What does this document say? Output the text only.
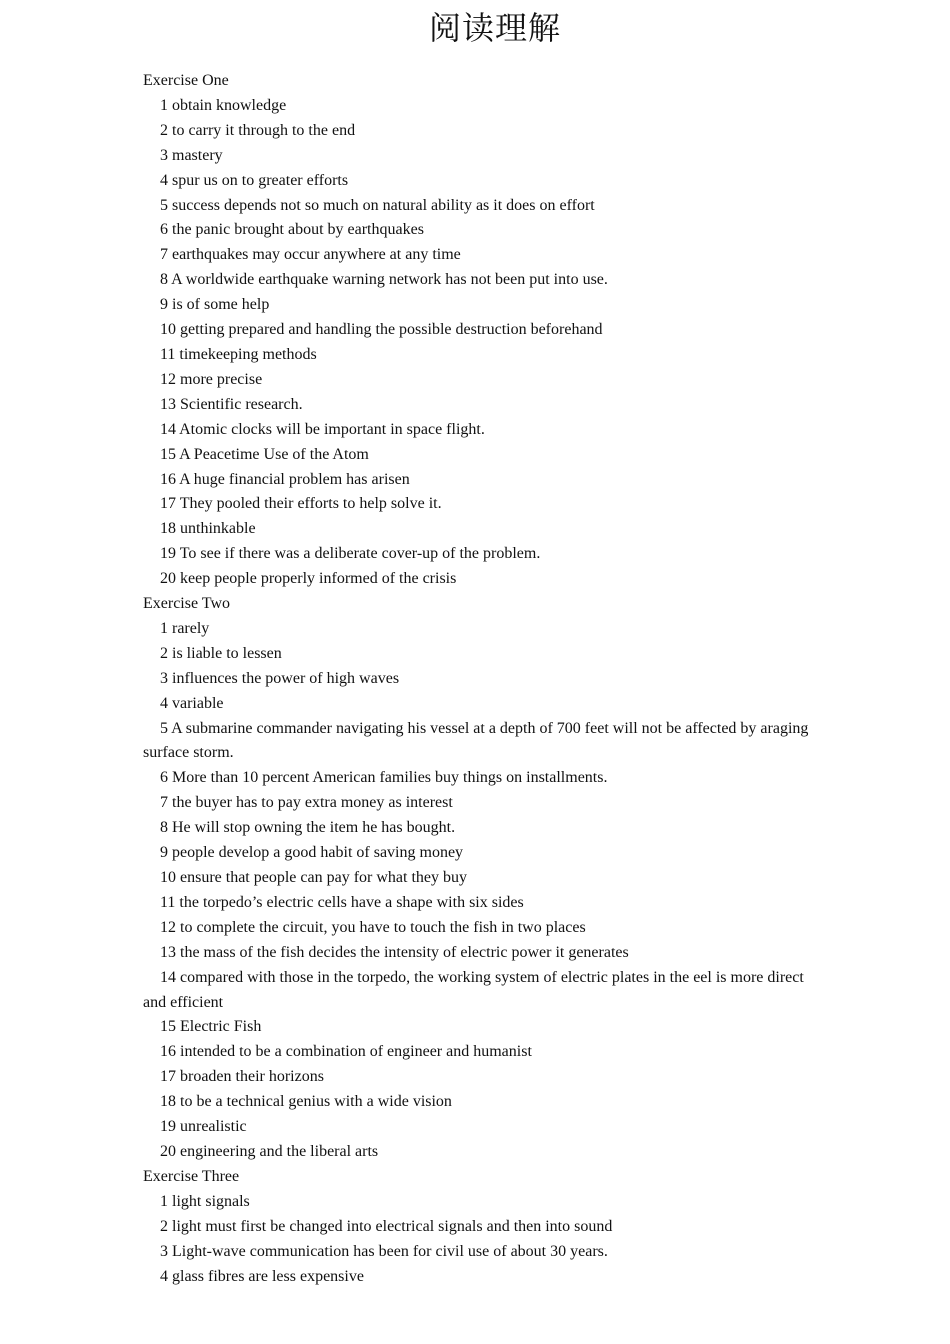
阅读理解

Exercise One

1 obtain knowledge

2 to carry it through to the end

3 mastery

4 spur us on to greater efforts

5 success depends not so much on natural ability as it does on effort

6 the panic brought about by earthquakes

7 earthquakes may occur anywhere at any time

8 A worldwide earthquake warning network has not been put into use.

9 is of some help

10 getting prepared and handling the possible destruction beforehand

11 timekeeping methods

12 more precise

13 Scientific research.

14 Atomic clocks will be important in space flight.

15 A Peacetime Use of the Atom

16 A huge financial problem has arisen

17 They pooled their efforts to help solve it.

18 unthinkable

19 To see if there was a deliberate cover-up of the problem.

20 keep people properly informed of the crisis

Exercise Two

1 rarely

2 is liable to lessen

3 influences the power of high waves

4 variable

5 A submarine commander navigating his vessel at a depth of 700 feet will not be affected by araging surface storm.

6 More than 10 percent American families buy things on installments.

7 the buyer has to pay extra money as interest

8 He will stop owning the item he has bought.

9 people develop a good habit of saving money

10 ensure that people can pay for what they buy

11 the torpedo’s electric cells have a shape with six sides

12 to complete the circuit, you have to touch the fish in two places

13 the mass of the fish decides the intensity of electric power it generates

14 compared with those in the torpedo, the working system of electric plates in the eel is more direct and efficient

15 Electric Fish

16 intended to be a combination of engineer and humanist

17 broaden their horizons

18 to be a technical genius with a wide vision

19 unrealistic

20 engineering and the liberal arts

Exercise Three

1 light signals

2 light must first be changed into electrical signals and then into sound

3 Light-wave communication has been for civil use of about 30 years.

4 glass fibres are less expensive
